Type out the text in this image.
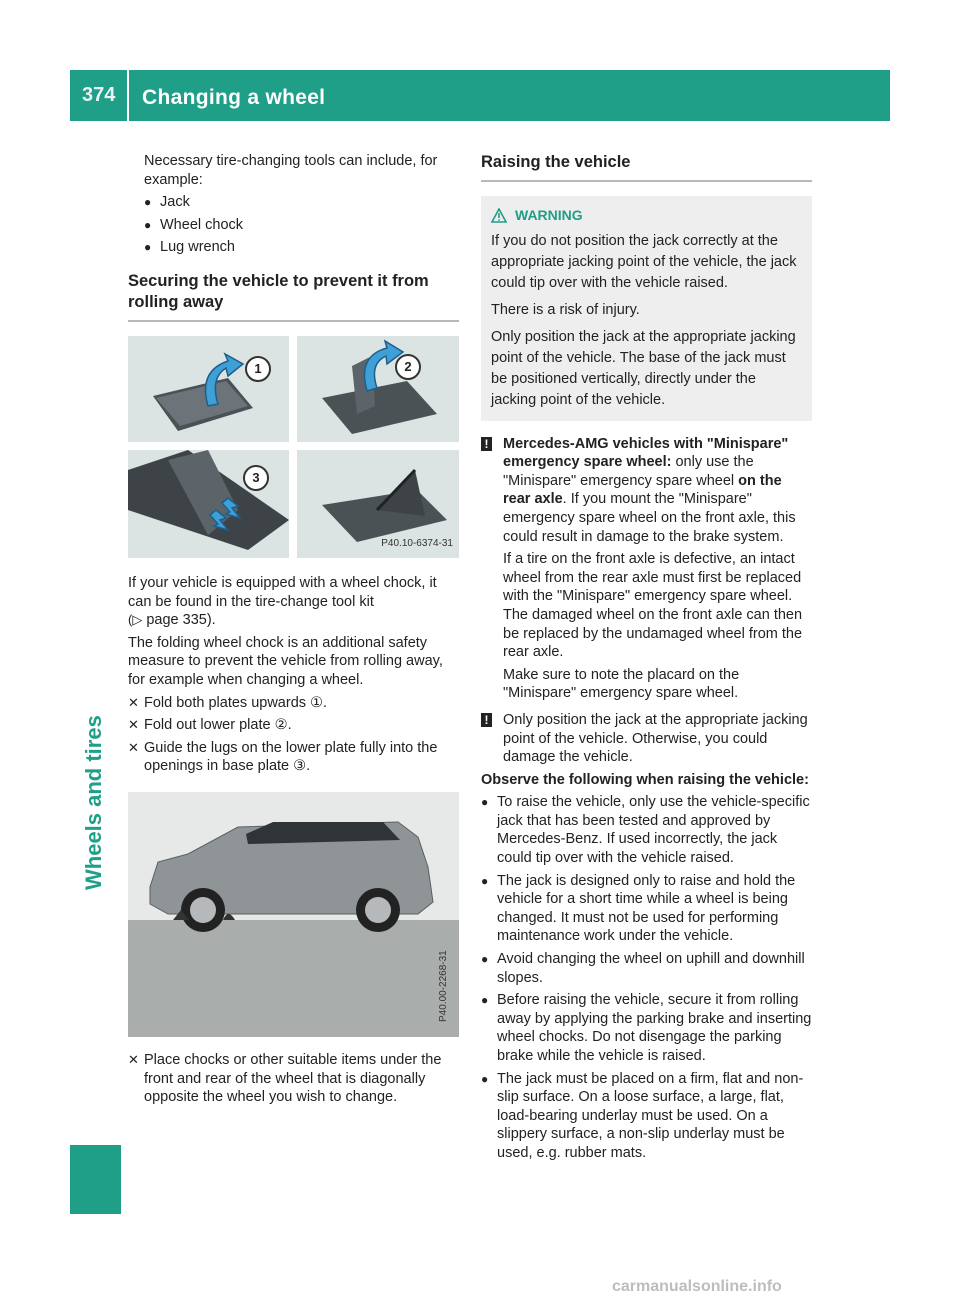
374 Changing a wheel
Wheels and tires

Necessary tire-changing tools can include, for example:

● Jack
● Wheel chock
● Lug wrench
Securing the vehicle to prevent it from rolling away
1	2
3
P40.10-6374-31

If your vehicle is equipped with a wheel chock, it can be found in the tire-change tool kit
(▷ page 335).

The folding wheel chock is an additional safety measure to prevent the vehicle from rolling away, for example when changing a wheel.

✕ Fold both plates upwards ①.
✕ Fold out lower plate ②.
✕ Guide the lugs on the lower plate fully into the openings in base plate ③.
P40.00-2268-31
✕ Place chocks or other suitable items under the front and rear of the wheel that is diagonally opposite the wheel you wish to change.
Raising the vehicle
WARNING

If you do not position the jack correctly at the appropriate jacking point of the vehicle, the jack could tip over with the vehicle raised.

There is a risk of injury.

Only position the jack at the appropriate jacking point of the vehicle. The base of the jack must be positioned vertically, directly under the jacking point of the vehicle.

! Mercedes-AMG vehicles with "Minispare" emergency spare wheel: only use the "Minispare" emergency spare wheel on the rear axle. If you mount the "Minispare" emergency spare wheel on the front axle, this could result in damage to the brake system.

If a tire on the front axle is defective, an intact wheel from the rear axle must first be replaced with the "Minispare" emergency spare wheel. The damaged wheel on the front axle can then be replaced by the undamaged wheel from the rear axle.

Make sure to note the placard on the "Minispare" emergency spare wheel.

! Only position the jack at the appropriate jacking point of the vehicle. Otherwise, you could damage the vehicle.

Observe the following when raising the vehicle:

● To raise the vehicle, only use the vehicle-specific jack that has been tested and approved by Mercedes-Benz. If used incorrectly, the jack could tip over with the vehicle raised.
● The jack is designed only to raise and hold the vehicle for a short time while a wheel is being changed. It must not be used for performing maintenance work under the vehicle.
● Avoid changing the wheel on uphill and downhill slopes.
● Before raising the vehicle, secure it from rolling away by applying the parking brake and inserting wheel chocks. Do not disengage the parking brake while the vehicle is raised.
● The jack must be placed on a firm, flat and non-slip surface. On a loose surface, a large, flat, load-bearing underlay must be used. On a slippery surface, a non-slip underlay must be used, e.g. rubber mats.
carmanualsonline.info
